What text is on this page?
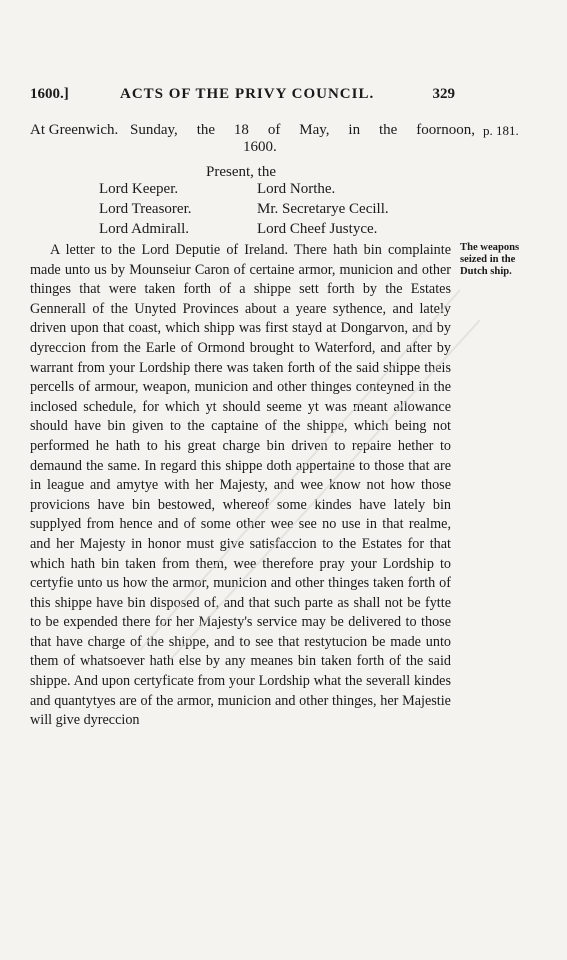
1600.]	ACTS OF THE PRIVY COUNCIL.	329
At Greenwich. Sunday, the 18 of May, in the foornoon,
1600.
p. 181.
Present, the
Lord Keeper.	Lord Northe.
Lord Treasorer.	Mr. Secretarye Cecill.
Lord Admirall.	Lord Cheef Justyce.

A letter to the Lord Deputie of Ireland. There hath bin complainte made unto us by Mounseiur Caron of certaine armor, municion and other thinges that were taken forth of a shippe sett forth by the Estates Gennerall of the Unyted Provinces about a yeare sythence, and lately driven upon that coast, which shipp was first stayd at Dongarvon, and by dyreccion from the Earle of Ormond brought to Waterford, and after by warrant from your Lordship there was taken forth of the said shippe theis percells of armour, weapon, municion and other thinges conteyned in the inclosed schedule, for which yt should seeme yt was meant allowance should have bin given to the captaine of the shippe, which being not performed he hath to his great charge bin driven to repaire hether to demaund the same. In regard this shippe doth appertaine to those that are in league and amytye with her Majesty, and wee know not how those provicions have bin bestowed, whereof some kindes have lately bin supplyed from hence and of some other wee see no use in that realme, and her Majesty in honor must give satisfaccion to the Estates for that which hath bin taken from them, wee therefore pray your Lordship to certyfie unto us how the armor, municion and other thinges taken forth of this shippe have bin disposed of, and that such parte as shall not be fytte to be expended there for her Majesty's service may be delivered to those that have charge of the shippe, and to see that restytucion be made unto them of whatsoever hath else by any meanes bin taken forth of the said shippe. And upon certyficate from your Lordship what the severall kindes and quantytyes are of the armor, municion and other thinges, her Majestie will give dyreccion

The weapons seized in the Dutch ship.
